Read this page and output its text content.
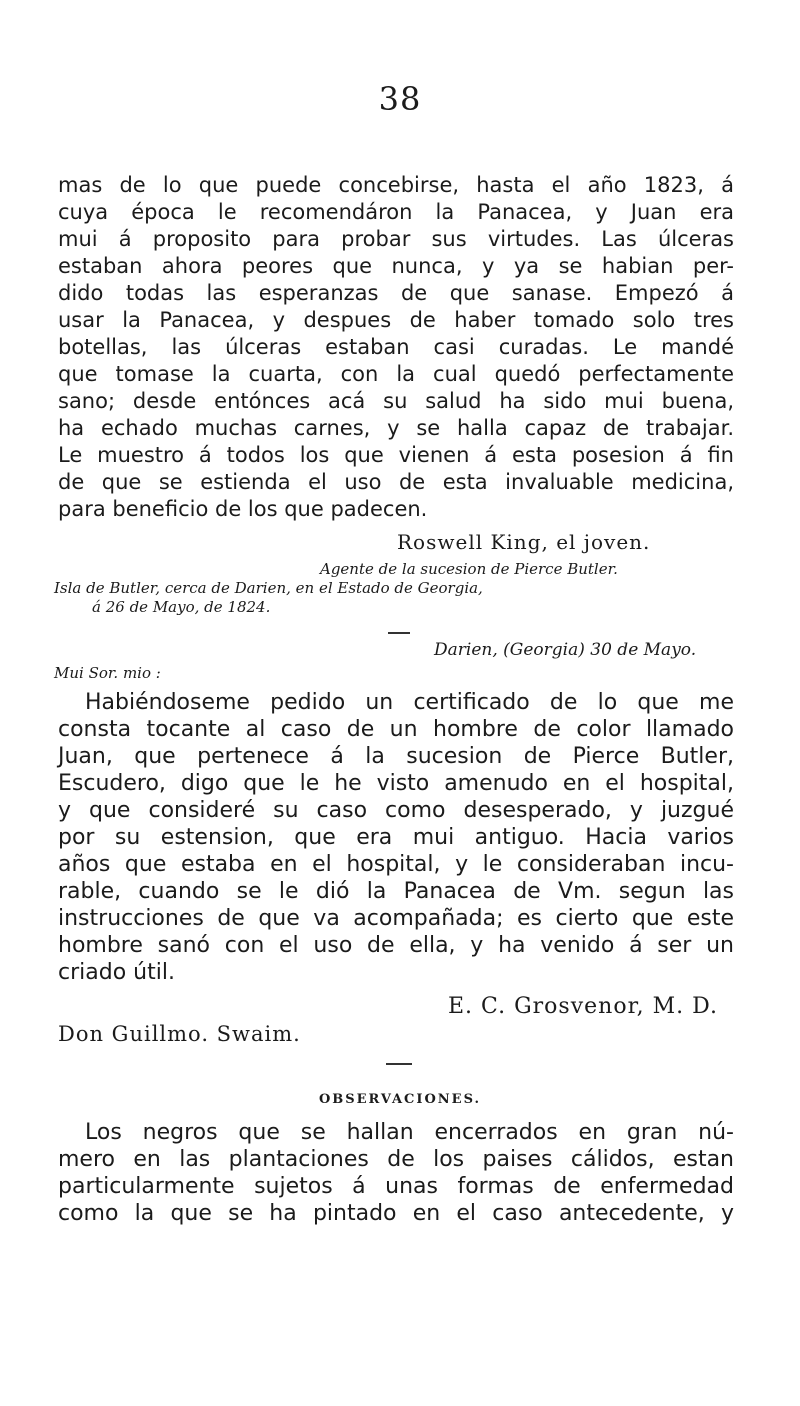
38
mas de lo que puede concebirse, hasta el año 1823, á
cuya época le recomendáron la Panacea, y Juan era
mui á proposito para probar sus virtudes. Las úlceras
estaban ahora peores que nunca, y ya se habian per-
dido todas las esperanzas de que sanase. Empezó á
usar la Panacea, y despues de haber tomado solo tres
botellas, las úlceras estaban casi curadas. Le mandé
que tomase la cuarta, con la cual quedó perfectamente
sano; desde entónces acá su salud ha sido mui buena,
ha echado muchas carnes, y se halla capaz de trabajar.
Le muestro á todos los que vienen á esta posesion á fin
de que se estienda el uso de esta invaluable medicina,
para beneficio de los que padecen.
Roswell King, el joven.
Agente de la sucesion de Pierce Butler.
Isla de Butler, cerca de Darien, en el Estado de Georgia,
á 26 de Mayo, de 1824.
Darien, (Georgia) 30 de Mayo.
Mui Sor. mio :
Habiéndoseme pedido un certificado de lo que me
consta tocante al caso de un hombre de color llamado
Juan, que pertenece á la sucesion de Pierce Butler,
Escudero, digo que le he visto amenudo en el hospital,
y que consideré su caso como desesperado, y juzgué
por su estension, que era mui antiguo. Hacia varios
años que estaba en el hospital, y le consideraban incu-
rable, cuando se le dió la Panacea de Vm. segun las
instrucciones de que va acompañada; es cierto que este
hombre sanó con el uso de ella, y ha venido á ser un
criado útil.
E. C. Grosvenor, M. D.
Don Guillmo. Swaim.
OBSERVACIONES.
Los negros que se hallan encerrados en gran nú-
mero en las plantaciones de los paises cálidos, estan
particularmente sujetos á unas formas de enfermedad
como la que se ha pintado en el caso antecedente, y
